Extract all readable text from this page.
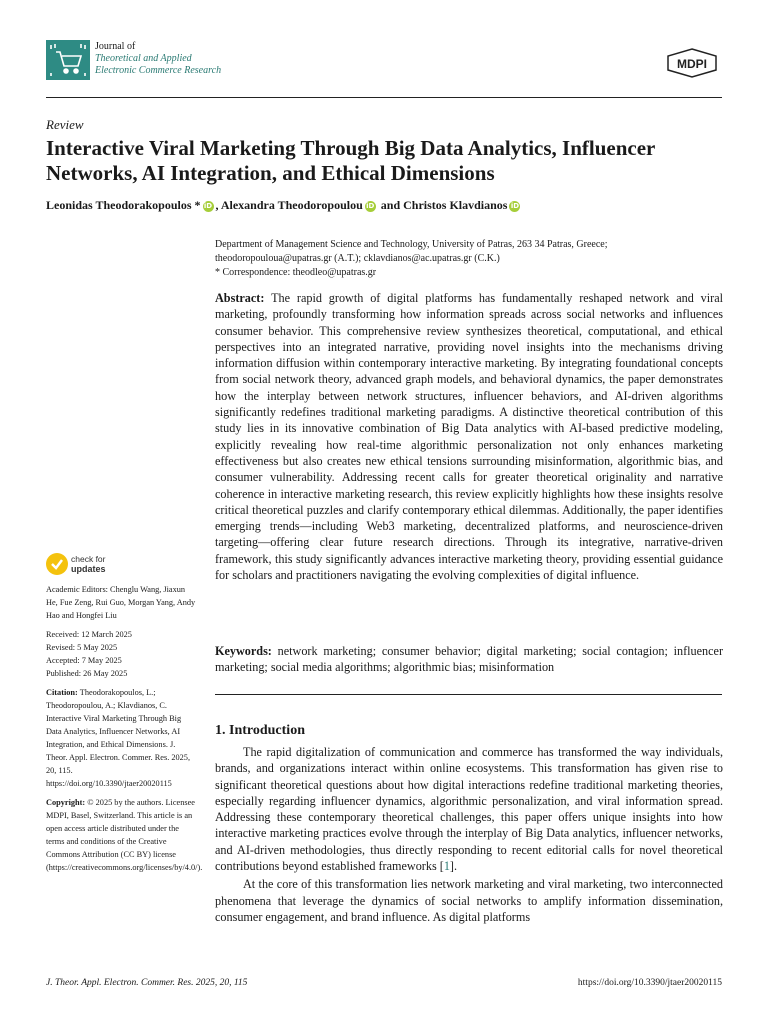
Journal of
Theoretical and Applied
Electronic Commerce Research	MDPI
Review
Interactive Viral Marketing Through Big Data Analytics, Influencer Networks, AI Integration, and Ethical Dimensions
Leonidas Theodorakopoulos * iD , Alexandra Theodoropoulou iD and Christos Klavdianos iD
Department of Management Science and Technology, University of Patras, 263 34 Patras, Greece;
theodoropouloua@upatras.gr (A.T.); cklavdianos@ac.upatras.gr (C.K.)
* Correspondence: theodleo@upatras.gr

Abstract: The rapid growth of digital platforms has fundamentally reshaped network and viral marketing, profoundly transforming how information spreads across social networks and influences consumer behavior. This comprehensive review synthesizes theoretical, computational, and ethical perspectives into an integrated narrative, providing novel insights into the mechanisms driving information diffusion within contemporary interactive marketing. By integrating foundational concepts from social network theory, advanced graph models, and behavioral dynamics, the paper demonstrates how the interplay between network structures, influencer behaviors, and AI-driven algorithms significantly redefines traditional marketing paradigms. A distinctive theoretical contribution of this study lies in its innovative combination of Big Data analytics with AI-based predictive modeling, explicitly revealing how real-time algorithmic personalization not only enhances marketing effectiveness but also creates new ethical tensions surrounding misinformation, algorithmic bias, and consumer vulnerability. Addressing recent calls for greater theoretical originality and narrative coherence in interactive marketing research, this review explicitly highlights how these insights resolve critical theoretical puzzles and clarify contemporary ethical dilemmas. Additionally, the paper identifies emerging trends—including Web3 marketing, decentralized platforms, and neuroscience-driven targeting—offering clear future research directions. Through its integrative, narrative-driven framework, this study significantly advances interactive marketing theory, providing essential guidance for scholars and practitioners navigating the evolving complexities of digital influence.

Keywords: network marketing; consumer behavior; digital marketing; social contagion; influencer marketing; social media algorithms; algorithmic bias; misinformation

1. Introduction

The rapid digitalization of communication and commerce has transformed the way individuals, brands, and organizations interact within online ecosystems. This transformation has given rise to significant theoretical questions about how digital interactions redefine traditional marketing theories, especially regarding influencer dynamics, algorithmic personalization, and viral information spread. Addressing these contemporary theoretical challenges, this paper offers unique insights into how interactive marketing practices evolve through the interplay of Big Data analytics, influencer networks, and AI-driven methodologies, thus directly responding to recent editorial calls for novel theoretical contributions beyond established frameworks [1].

At the core of this transformation lies network marketing and viral marketing, two interconnected phenomena that leverage the dynamics of social networks to amplify information dissemination, consumer engagement, and brand influence. As digital platforms

check for
updates

Academic Editors: Chenglu Wang, Jiaxun He, Fue Zeng, Rui Guo, Morgan Yang, Andy Hao and Hongfei Liu

Received: 12 March 2025
Revised: 5 May 2025
Accepted: 7 May 2025
Published: 26 May 2025

Citation: Theodorakopoulos, L.; Theodoropoulou, A.; Klavdianos, C. Interactive Viral Marketing Through Big Data Analytics, Influencer Networks, AI Integration, and Ethical Dimensions. J. Theor. Appl. Electron. Commer. Res. 2025, 20, 115. https://doi.org/10.3390/jtaer20020115

Copyright: © 2025 by the authors. Licensee MDPI, Basel, Switzerland. This article is an open access article distributed under the terms and conditions of the Creative Commons Attribution (CC BY) license (https://creativecommons.org/licenses/by/4.0/).

J. Theor. Appl. Electron. Commer. Res. 2025, 20, 115	https://doi.org/10.3390/jtaer20020115
